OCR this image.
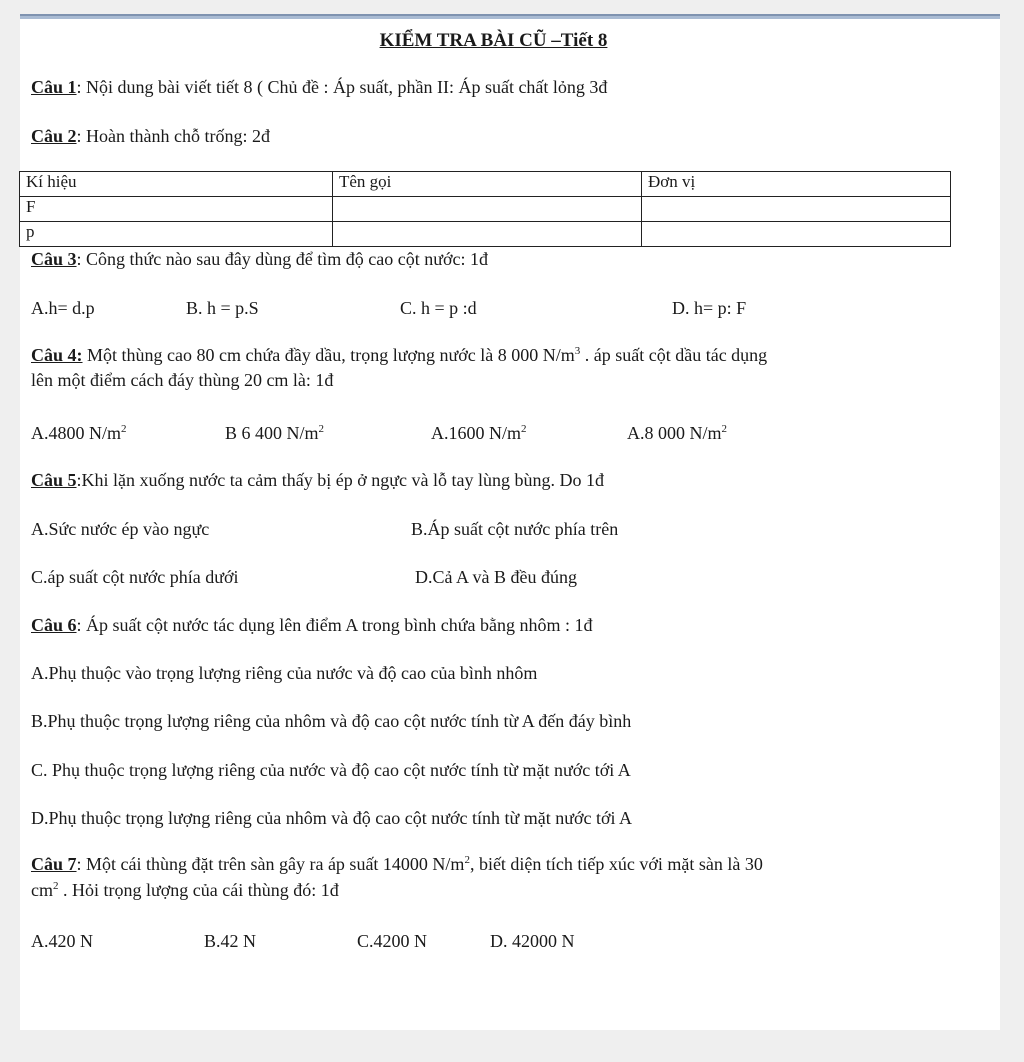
KIỂM TRA BÀI CŨ –Tiết 8
Câu 1: Nội dung bài viết tiết 8 ( Chủ đề : Áp suất, phần II: Áp suất chất lỏng 3đ
Câu 2: Hoàn thành chỗ trống: 2đ
Kí hiệu	Tên gọi	Đơn vị
F		
p		
Câu 3: Công thức nào sau đây dùng để tìm độ cao cột nước: 1đ
A.h= d.p	B. h = p.S	C. h = p :d	D. h= p: F
Câu 4: Một thùng cao 80 cm chứa đầy dầu, trọng lượng nước là 8 000 $N/m^3$ . áp suất cột dầu tác dụng
lên một điểm cách đáy thùng 20 cm là: 1đ
A.4800 $N/m^2$	B 6 400 $N/m^2$	A.1600 $N/m^2$	A.8 000 $N/m^2$
Câu 5:Khi lặn xuống nước ta cảm thấy bị ép ở ngực và lỗ tay lùng bùng. Do 1đ
A.Sức nước ép vào ngực	B.Áp suất cột nước phía trên
C.áp suất cột nước phía dưới	D.Cả A và B đều đúng
Câu 6: Áp suất cột nước tác dụng lên điểm A trong bình chứa bằng nhôm : 1đ
A.Phụ thuộc vào trọng lượng riêng của nước và độ cao của bình nhôm
B.Phụ thuộc trọng lượng riêng của nhôm và độ cao cột nước tính từ A đến đáy bình
C. Phụ thuộc trọng lượng riêng của nước và độ cao cột nước tính từ mặt nước tới A
D.Phụ thuộc trọng lượng riêng của nhôm và độ cao cột nước tính từ mặt nước tới A
Câu 7: Một cái thùng đặt trên sàn gây ra áp suất 14000 $N/m^2$, biết diện tích tiếp xúc với mặt sàn là 30
$cm^2$ . Hỏi trọng lượng của cái thùng đó: 1đ
A.420 N	B.42 N	C.4200 N	D. 42000 N
